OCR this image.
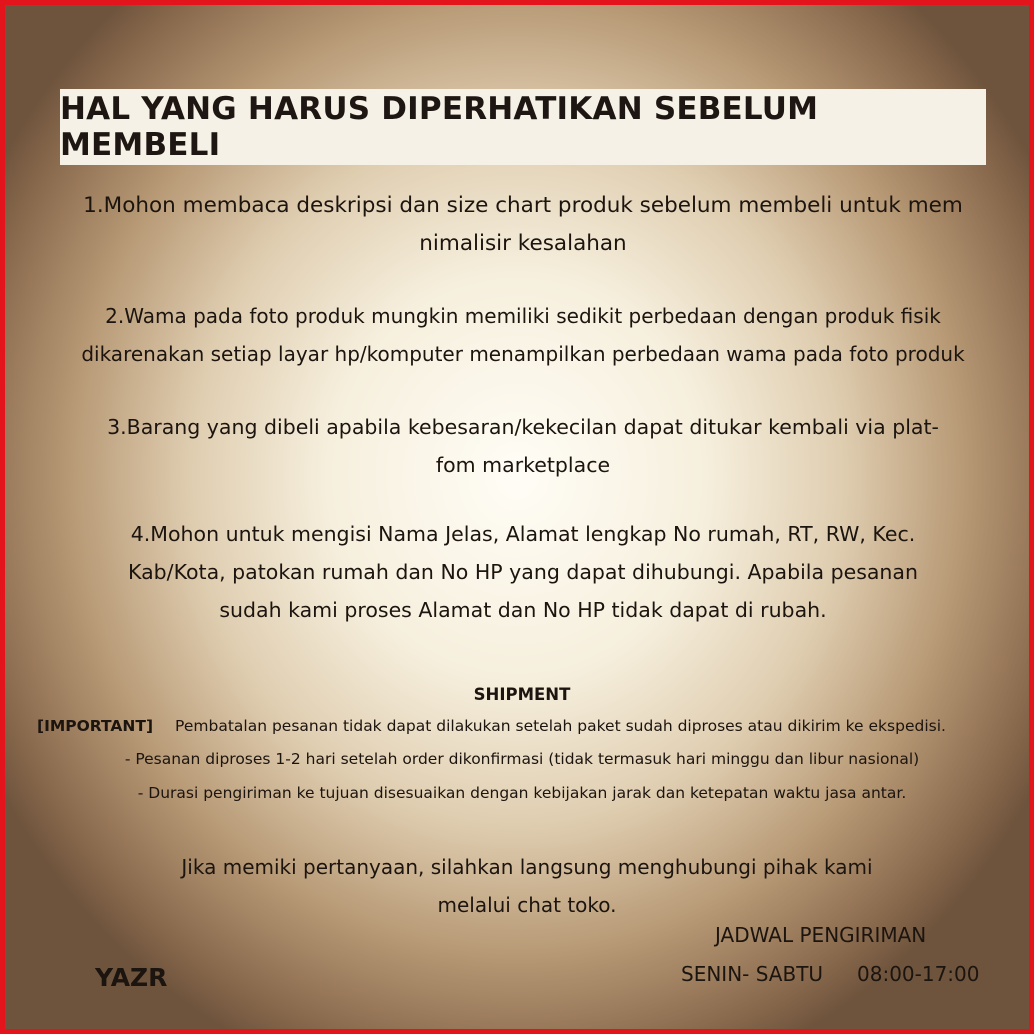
HAL YANG HARUS DIPERHATIKAN SEBELUM MEMBELI
1.Mohon membaca deskripsi dan size chart produk sebelum membeli untuk mem
nimalisir kesalahan
2.Wama pada foto produk mungkin memiliki sedikit perbedaan dengan produk fisik
dikarenakan setiap layar hp/komputer menampilkan perbedaan wama pada foto produk
3.Barang yang dibeli apabila kebesaran/kekecilan dapat ditukar kembali via plat-
fom marketplace
4.Mohon untuk mengisi Nama Jelas, Alamat lengkap No rumah, RT, RW, Kec.
Kab/Kota, patokan rumah dan No HP yang dapat dihubungi. Apabila pesanan
sudah kami proses Alamat dan No HP tidak dapat di rubah.
SHIPMENT
[IMPORTANT] Pembatalan pesanan tidak dapat dilakukan setelah paket sudah diproses atau dikirim ke ekspedisi.
- Pesanan diproses 1-2 hari setelah order dikonfirmasi (tidak termasuk hari minggu dan libur nasional)
- Durasi pengiriman ke tujuan disesuaikan dengan kebijakan jarak dan ketepatan waktu jasa antar.
Jika memiki pertanyaan, silahkan langsung menghubungi pihak kami
melalui chat toko.
JADWAL PENGIRIMAN
SENIN- SABTU 08:00-17:00
YAZR
